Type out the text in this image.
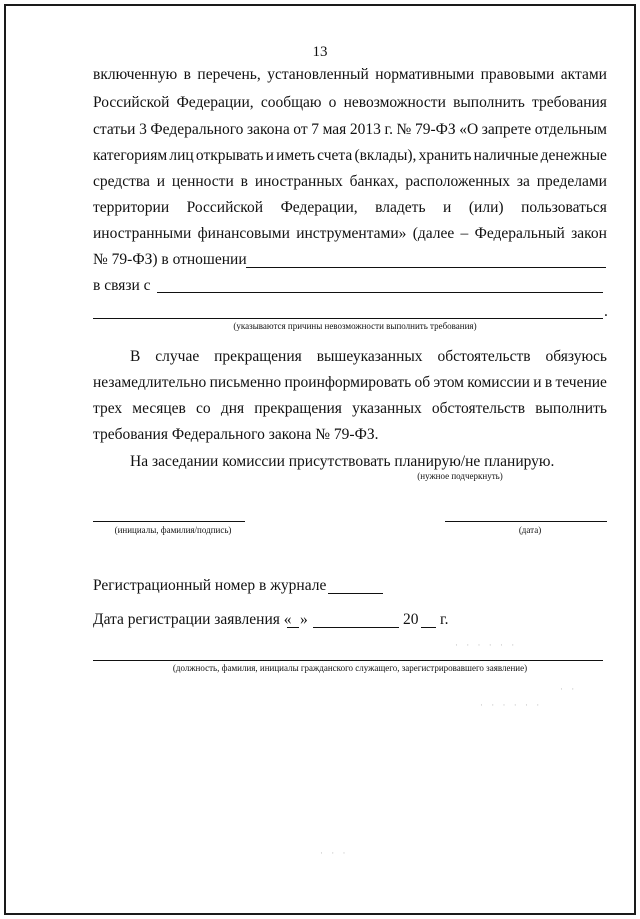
13
включенную в перечень, установленный нормативными правовыми актами
Российской Федерации, сообщаю о невозможности выполнить требования
статьи 3 Федерального закона от 7 мая 2013 г. № 79-ФЗ «О запрете отдельным
категориям лиц открывать и иметь счета (вклады), хранить наличные денежные
средства и ценности в иностранных банках, расположенных за пределами
территории Российской Федерации, владеть и (или) пользоваться
иностранными финансовыми инструментами» (далее – Федеральный закон
№ 79-ФЗ) в отношении
в связи с
.
(указываются причины невозможности выполнить требования)
В случае прекращения вышеуказанных обстоятельств обязуюсь
незамедлительно письменно проинформировать об этом комиссии и в течение
трех месяцев со дня прекращения указанных обстоятельств выполнить
требования Федерального закона № 79-ФЗ.
На заседании комиссии присутствовать планирую/не планирую.
(нужное подчеркнуть)
(инициалы, фамилия/подпись)	(дата)
Регистрационный номер в журнале
Дата регистрации заявления « »	20 г.
(должность, фамилия, инициалы гражданского служащего, зарегистрировавшего заявление)
· · · · · ·
· ·
· · · · · ·
· · ·
